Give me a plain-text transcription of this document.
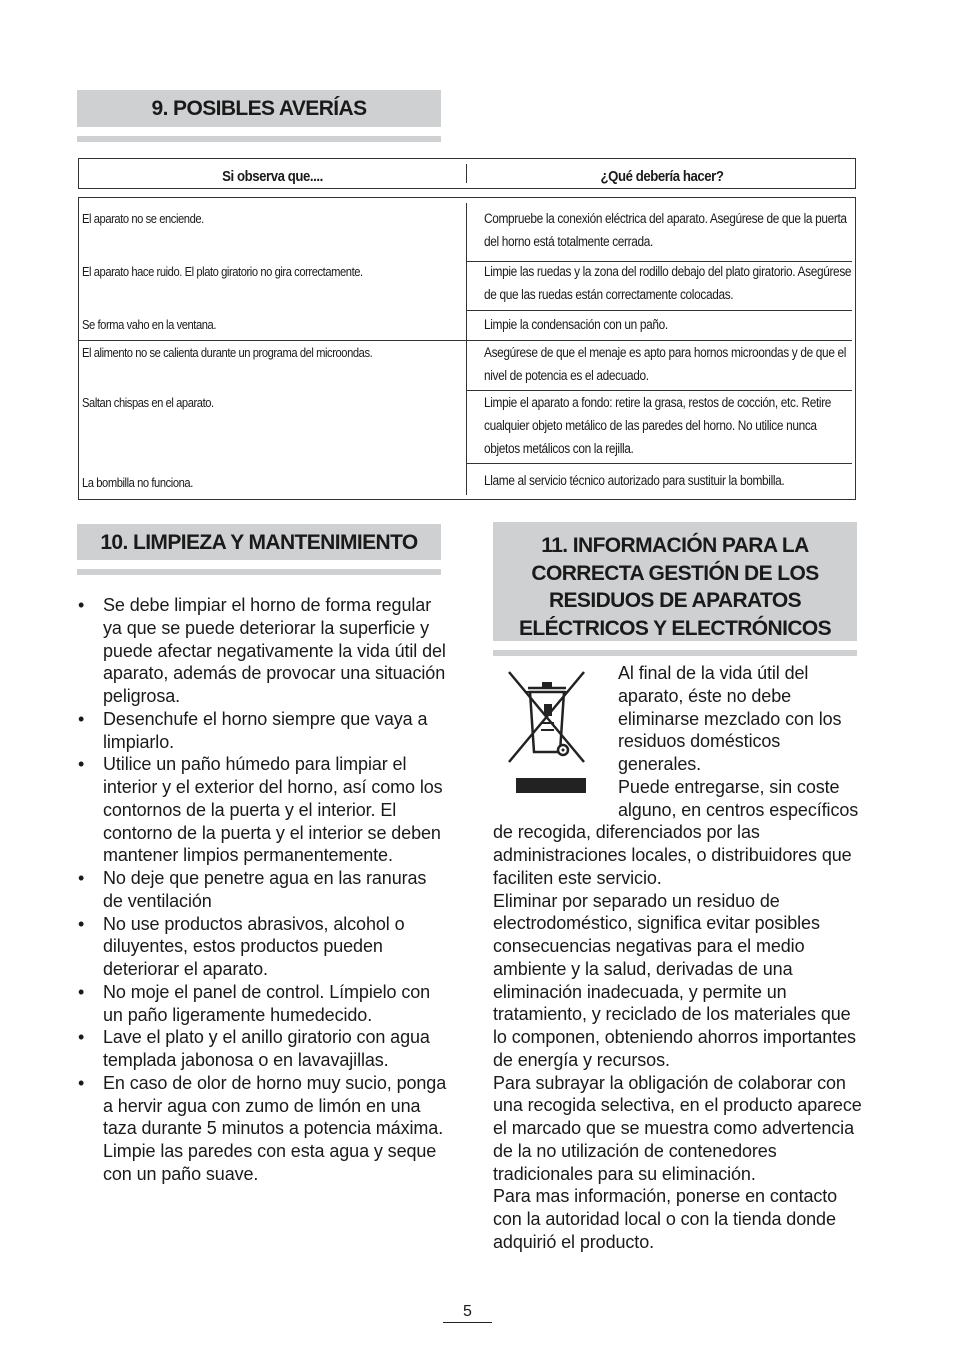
9. POSIBLES AVERÍAS
Si observa que....	¿Qué debería hacer?
El aparato no se enciende.	Compruebe la conexión eléctrica del aparato. Asegúrese de que la puerta del horno está totalmente cerrada.
El aparato hace ruido. El plato giratorio no gira correctamente.	Limpie las ruedas y la zona del rodillo debajo del plato giratorio. Asegúrese de que las ruedas están correctamente colocadas.
Se forma vaho en la ventana.	Limpie la condensación con un paño.
El alimento no se calienta durante un programa del microondas.	Asegúrese de que el menaje es apto para hornos microondas y de que el nivel de potencia es el adecuado.
Saltan chispas en el aparato.	Limpie el aparato a fondo: retire la grasa, restos de cocción, etc. Retire cualquier objeto metálico de las paredes del horno. No utilice nunca objetos metálicos con la rejilla.
La bombilla no funciona.	Llame al servicio técnico autorizado para sustituir la bombilla.
10. LIMPIEZA Y MANTENIMIENTO
• Se debe limpiar el horno de forma regular ya que se puede deteriorar la superficie y puede afectar negativamente la vida útil del aparato, además de provocar una situación peligrosa.
• Desenchufe el horno siempre que vaya a limpiarlo.
• Utilice un paño húmedo para limpiar el interior y el exterior del horno, así como los contornos de la puerta y el interior. El contorno de la puerta y el interior se deben mantener limpios permanentemente.
• No deje que penetre agua en las ranuras de ventilación
• No use productos abrasivos, alcohol o diluyentes, estos productos pueden deteriorar el aparato.
• No moje el panel de control. Límpielo con un paño ligeramente humedecido.
• Lave el plato y el anillo giratorio con agua templada jabonosa o en lavavajillas.
• En caso de olor de horno muy sucio, ponga a hervir agua con zumo de limón en una taza durante 5 minutos a potencia máxima. Limpie las paredes con esta agua y seque con un paño suave.
11. INFORMACIÓN PARA LA
CORRECTA GESTIÓN DE LOS
RESIDUOS DE APARATOS
ELÉCTRICOS Y ELECTRÓNICOS

Al final de la vida útil del aparato, éste no debe eliminarse mezclado con los residuos domésticos generales.

Puede entregarse, sin coste alguno, en centros específicos de recogida, diferenciados por las administraciones locales, o distribuidores que faciliten este servicio.

Eliminar por separado un residuo de electrodoméstico, significa evitar posibles consecuencias negativas para el medio ambiente y la salud, derivadas de una eliminación inadecuada, y permite un tratamiento, y reciclado de los materiales que lo componen, obteniendo ahorros importantes de energía y recursos.

Para subrayar la obligación de colaborar con una recogida selectiva, en el producto aparece el marcado que se muestra como advertencia de la no utilización de contenedores tradicionales para su eliminación.

Para mas información, ponerse en contacto con la autoridad local o con la tienda donde adquirió el producto.

5
